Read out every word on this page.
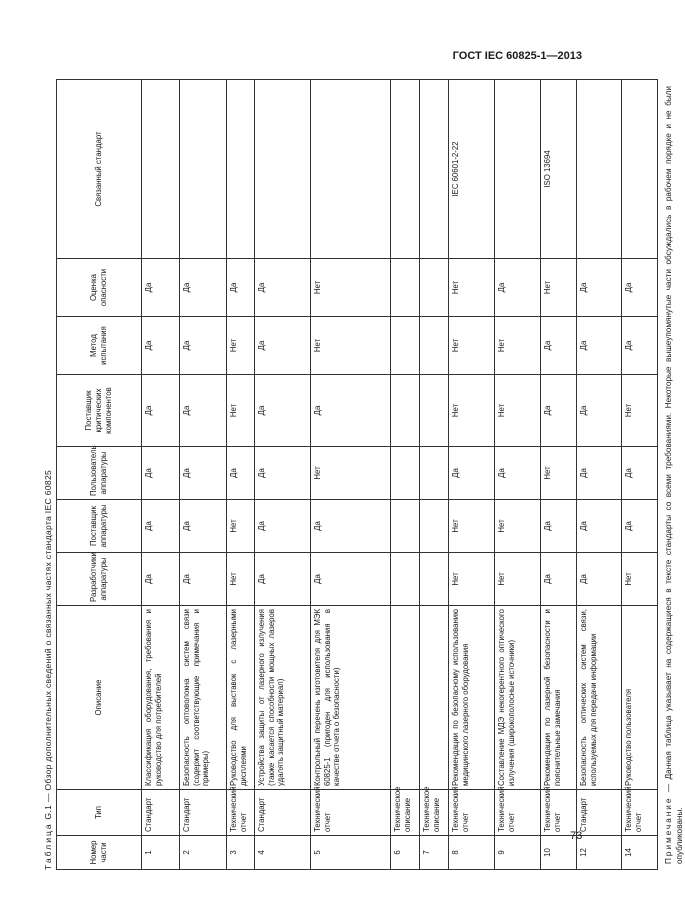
ГОСТ IEC 60825-1—2013
Таблица G.1 — Обзор дополнительных сведений о связанных частях стандарта IEC 60825
Номер части	Тип	Описание	Разработчики аппаратуры	Поставщик аппаратуры	Пользователь аппаратуры	Поставщик критических компонентов	Метод испытания	Оценка опасности	Связанный стандарт
1	Стандарт	Классификация оборудования, требования и руководство для потребителей	Да	Да	Да	Да	Да	Да	
2	Стандарт	Безопасность оптоволокна систем связи (содержит соответствующие примечания и примеры)	Да	Да	Да	Да	Да	Да	
3	Технический отчет	Руководство для выставок с лазерными дисплеями	Нет	Нет	Да	Нет	Нет	Да	
4	Стандарт	Устройства защиты от лазерного излучения (также касается способности мощных лазеров удалять защитный материал)	Да	Да	Да	Да	Да	Да	
5	Технический отчет	Контрольный перечень изготовителя для МЭК 60825-1 (пригоден для использования в качестве отчета о безопасности)	Да	Да	Нет	Да	Нет	Нет	
6	Техническое описание								
7	Техническое описание								
8	Технический отчет	Рекомендации по безопасному использованию медицинского лазерного оборудования	Нет	Нет	Да	Нет	Нет	Нет	IEC 60601-2-22
9	Технический отчет	Составление МДЭ некогерентного оптического излучения (широкополосные источники)	Нет	Нет	Да	Нет	Нет	Да	
10	Технический отчет	Рекомендации по лазерной безопасности и пояснительные замечания	Да	Да	Нет	Да	Да	Нет	ISO 13694
12	Стандарт	Безопасность оптических систем связи, используемых для передачи информации	Да	Да	Да	Да	Да	Да	
14	Технический отчет	Руководство пользователя	Нет	Да	Да	Нет	Да	Да	
Примечание — Данная таблица указывает на содержащиеся в тексте стандарты со всеми требованиями. Некоторые вышеупомянутые части обсуждались в рабочем порядке и не были опубликованы.
73
